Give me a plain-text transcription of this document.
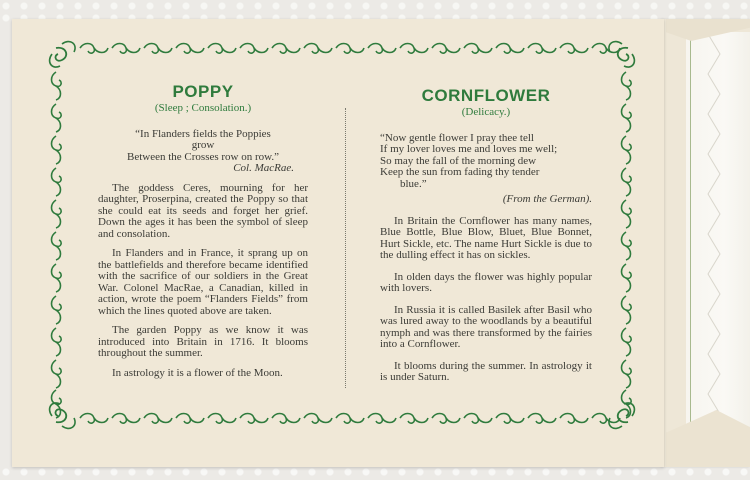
POPPY
(Sleep ; Consolation.)
“In Flanders fields the Poppies
grow
Between the Crosses row on row.”
Col. MacRae.

The goddess Ceres, mourning for her daughter, Proserpina, created the Poppy so that she could eat its seeds and forget her grief. Down the ages it has been the symbol of sleep and consolation.

In Flanders and in France, it sprang up on the battlefields and therefore became identified with the sacrifice of our soldiers in the Great War. Colonel MacRae, a Canadian, killed in action, wrote the poem “Flanders Fields” from which the lines quoted above are taken.

The garden Poppy as we know it was introduced into Britain in 1716. It blooms throughout the summer.

In astrology it is a flower of the Moon.

CORNFLOWER
(Delicacy.)
“Now gentle flower I pray thee tell
If my lover loves me and loves me well;
So may the fall of the morning dew
Keep the sun from fading thy tender
blue.”
(From the German).

In Britain the Cornflower has many names, Blue Bottle, Blue Blow, Bluet, Blue Bonnet, Hurt Sickle, etc. The name Hurt Sickle is due to the dulling effect it has on sickles.

In olden days the flower was highly popular with lovers.

In Russia it is called Basilek after Basil who was lured away to the woodlands by a beautiful nymph and was there transformed by the fairies into a Cornflower.

It blooms during the summer. In astrology it is under Saturn.
